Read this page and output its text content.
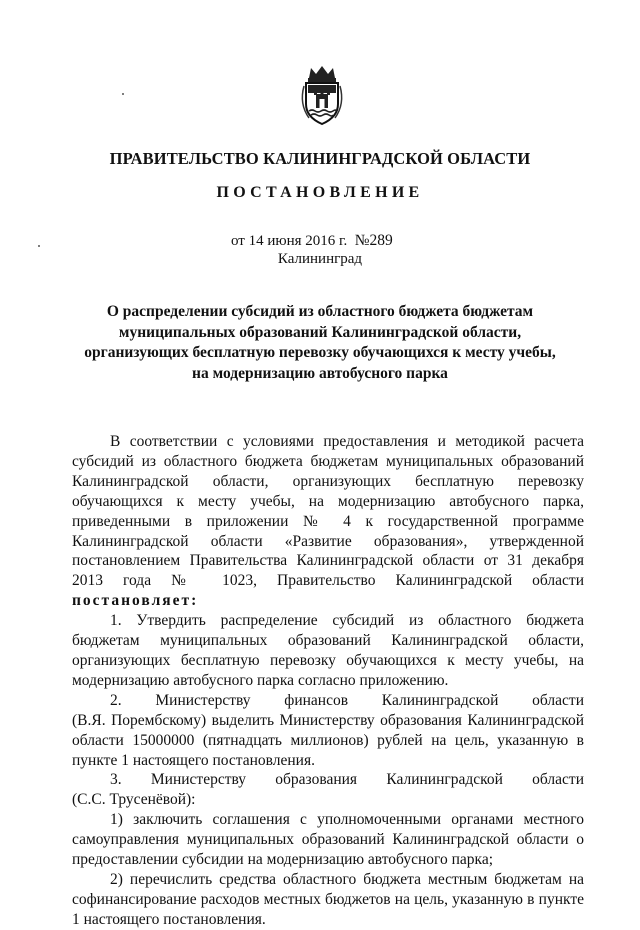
ПРАВИТЕЛЬСТВО КАЛИНИНГРАДСКОЙ ОБЛАСТИ
ПОСТАНОВЛЕНИЕ
от 14 июня 2016 г. №289
Калининград
О распределении субсидий из областного бюджета бюджетам
муниципальных образований Калининградской области,
организующих бесплатную перевозку обучающихся к месту учебы,
на модернизацию автобусного парка

В соответствии с условиями предоставления и методикой расчета субсидий из областного бюджета бюджетам муниципальных образований Калининградской области, организующих бесплатную перевозку обучающихся к месту учебы, на модернизацию автобусного парка, приведенными в приложении № 4 к государственной программе Калининградской области «Развитие образования», утвержденной постановлением Правительства Калининградской области от 31 декабря 2013 года № 1023, Правительство Калининградской области постановляет:

1. Утвердить распределение субсидий из областного бюджета бюджетам муниципальных образований Калининградской области, организующих бесплатную перевозку обучающихся к месту учебы, на модернизацию автобусного парка согласно приложению.

2. Министерству финансов Калининградской области

(В.Я. Порембскому) выделить Министерству образования Калининградской области 15000000 (пятнадцать миллионов) рублей на цель, указанную в пункте 1 настоящего постановления.

3. Министерству образования Калининградской области

(С.С. Трусенёвой):

1) заключить соглашения с уполномоченными органами местного самоуправления муниципальных образований Калининградской области о предоставлении субсидии на модернизацию автобусного парка;

2) перечислить средства областного бюджета местным бюджетам на софинансирование расходов местных бюджетов на цель, указанную в пункте 1 настоящего постановления.
